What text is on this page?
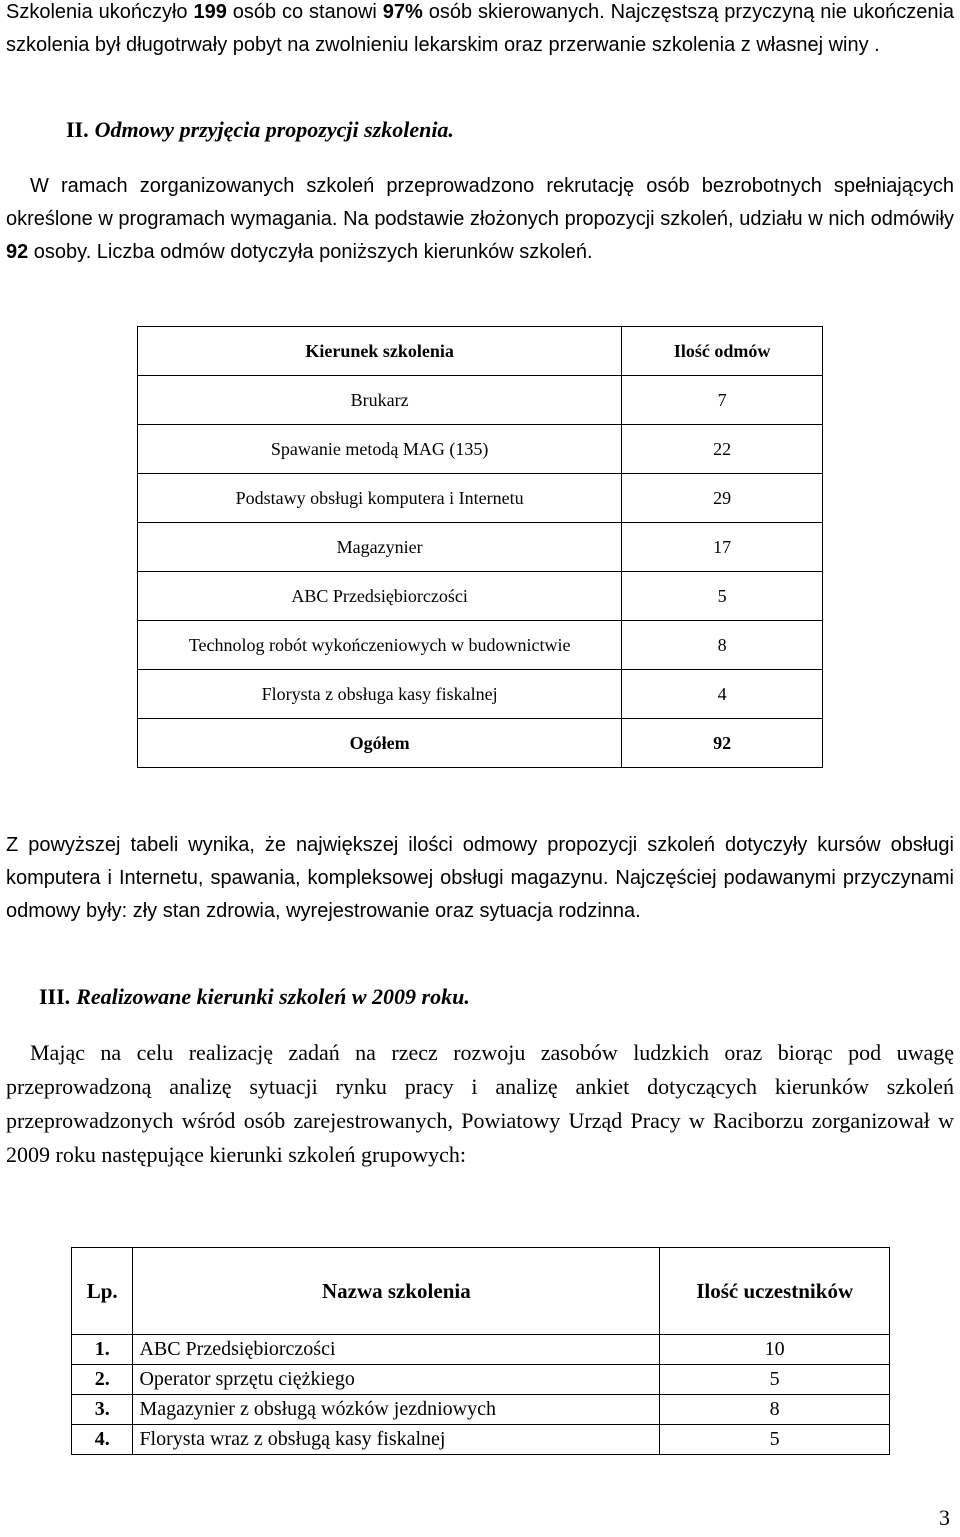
Szkolenia ukończyło 199 osób co stanowi 97% osób skierowanych. Najczęstszą przyczyną nie ukończenia szkolenia był długotrwały pobyt na zwolnieniu lekarskim oraz przerwanie szkolenia z własnej winy .

II. Odmowy przyjęcia propozycji szkolenia.

W ramach zorganizowanych szkoleń przeprowadzono rekrutację osób bezrobotnych spełniających określone w programach wymagania. Na podstawie złożonych propozycji szkoleń, udziału w nich odmówiły 92 osoby. Liczba odmów dotyczyła poniższych kierunków szkoleń.

Kierunek szkolenia	Ilość odmów
Brukarz	7
Spawanie metodą MAG (135)	22
Podstawy obsługi komputera i Internetu	29
Magazynier	17
ABC Przedsiębiorczości	5
Technolog robót wykończeniowych w budownictwie	8
Florysta z obsługa kasy fiskalnej	4
Ogółem	92

Z powyższej tabeli wynika, że największej ilości odmowy propozycji szkoleń dotyczyły kursów obsługi komputera i Internetu, spawania, kompleksowej obsługi magazynu. Najczęściej podawanymi przyczynami odmowy były: zły stan zdrowia, wyrejestrowanie oraz sytuacja rodzinna.

III. Realizowane kierunki szkoleń w 2009 roku.

Mając na celu realizację zadań na rzecz rozwoju zasobów ludzkich oraz biorąc pod uwagę przeprowadzoną analizę sytuacji rynku pracy i analizę ankiet dotyczących kierunków szkoleń przeprowadzonych wśród osób zarejestrowanych, Powiatowy Urząd Pracy w Raciborzu zorganizował w 2009 roku następujące kierunki szkoleń grupowych:

Lp.	Nazwa szkolenia	Ilość uczestników
1.	ABC Przedsiębiorczości	10
2.	Operator sprzętu ciężkiego	5
3.	Magazynier z obsługą wózków jezdniowych	8
4.	Florysta wraz z obsługą kasy fiskalnej	5
3
